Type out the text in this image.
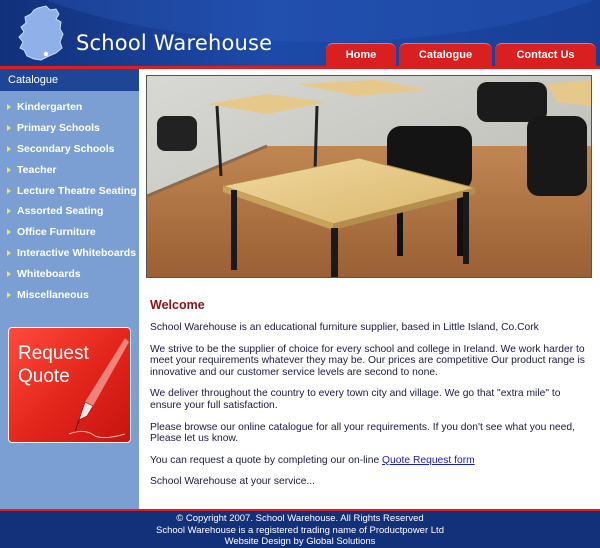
School Warehouse	Home	Catalogue	Contact Us
Catalogue
Kindergarten
Primary Schools
Secondary Schools
Teacher
Lecture Theatre Seating
Assorted Seating
Office Furniture
Interactive Whiteboards
Whiteboards
Miscellaneous
Request
Quote
Welcome

School Warehouse is an educational furniture supplier, based in Little Island, Co.Cork

We strive to be the supplier of choice for every school and college in Ireland. We work harder to meet your requirements whatever they may be. Our prices are competitive Our product range is innovative and our customer service levels are second to none.

We deliver throughout the country to every town city and village. We go that "extra mile" to ensure your full satisfaction.

Please browse our online catalogue for all your requirements. If you don't see what you need, Please let us know.

You can request a quote by completing our on-line Quote Request form

School Warehouse at your service...

© Copyright 2007. School Warehouse. All Rights Reserved
School Warehouse is a registered trading name of Productpower Ltd
Website Design by Global Solutions
